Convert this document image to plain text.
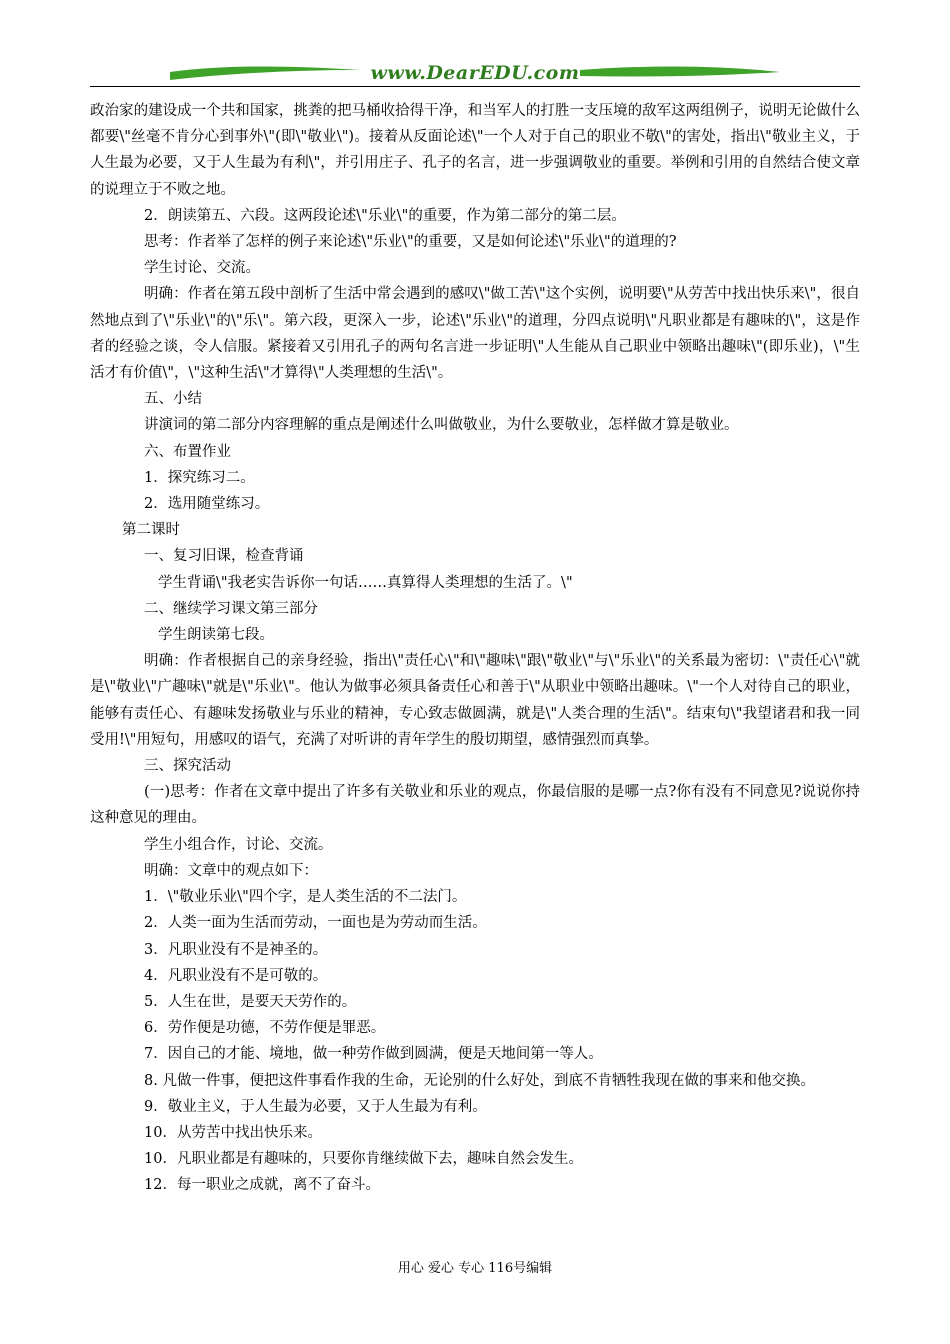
www.DearEDU.com

政治家的建设成一个共和国家，挑粪的把马桶收拾得干净，和当军人的打胜一支压境的敌军这两组例子，说明无论做什么都要\"丝毫不肯分心到事外\"(即\"敬业\")。接着从反面论述\"一个人对于自己的职业不敬\"的害处，指出\"敬业主义，于人生最为必要，又于人生最为有利\"，并引用庄子、孔子的名言，进一步强调敬业的重要。举例和引用的自然结合使文章的说理立于不败之地。

2．朗读第五、六段。这两段论述\"乐业\"的重要，作为第二部分的第二层。

思考：作者举了怎样的例子来论述\"乐业\"的重要，又是如何论述\"乐业\"的道理的?

学生讨论、交流。

明确：作者在第五段中剖析了生活中常会遇到的感叹\"做工苦\"这个实例，说明要\"从劳苦中找出快乐来\"，很自然地点到了\"乐业\"的\"乐\"。第六段，更深入一步，论述\"乐业\"的道理，分四点说明\"凡职业都是有趣味的\"，这是作者的经验之谈，令人信服。紧接着又引用孔子的两句名言进一步证明\"人生能从自己职业中领略出趣味\"(即乐业)，\"生活才有价值\"，\"这种生活\"才算得\"人类理想的生活\"。

五、小结

讲演词的第二部分内容理解的重点是阐述什么叫做敬业，为什么要敬业，怎样做才算是敬业。

六、布置作业

1．探究练习二。

2．选用随堂练习。

第二课时

一、复习旧课，检查背诵

学生背诵\"我老实告诉你一句话……真算得人类理想的生活了。\"

二、继续学习课文第三部分

学生朗读第七段。

明确：作者根据自己的亲身经验，指出\"责任心\"和\"趣味\"跟\"敬业\"与\"乐业\"的关系最为密切：\"责任心\"就是\"敬业\"广趣味\"就是\"乐业\"。他认为做事必须具备责任心和善于\"从职业中领略出趣味。\"一个人对待自己的职业，能够有责任心、有趣味发扬敬业与乐业的精神，专心致志做圆满，就是\"人类合理的生活\"。结束句\"我望诸君和我一同受用!\"用短句，用感叹的语气，充满了对听讲的青年学生的殷切期望，感情强烈而真挚。

三、探究活动

(一)思考：作者在文章中提出了许多有关敬业和乐业的观点，你最信服的是哪一点?你有没有不同意见?说说你持这种意见的理由。

学生小组合作，讨论、交流。

明确：文章中的观点如下：

1．\"敬业乐业\"四个字，是人类生活的不二法门。

2．人类一面为生活而劳动，一面也是为劳动而生活。

3．凡职业没有不是神圣的。

4．凡职业没有不是可敬的。

5．人生在世，是要天天劳作的。

6．劳作便是功德，不劳作便是罪恶。

7．因自己的才能、境地，做一种劳作做到圆满，便是天地间第一等人。

8. 凡做一件事，便把这件事看作我的生命，无论别的什么好处，到底不肯牺牲我现在做的事来和他交换。

9．敬业主义，于人生最为必要，又于人生最为有利。

10．从劳苦中找出快乐来。

10．凡职业都是有趣味的，只要你肯继续做下去，趣味自然会发生。

12．每一职业之成就，离不了奋斗。

用心 爱心 专心 116号编辑
